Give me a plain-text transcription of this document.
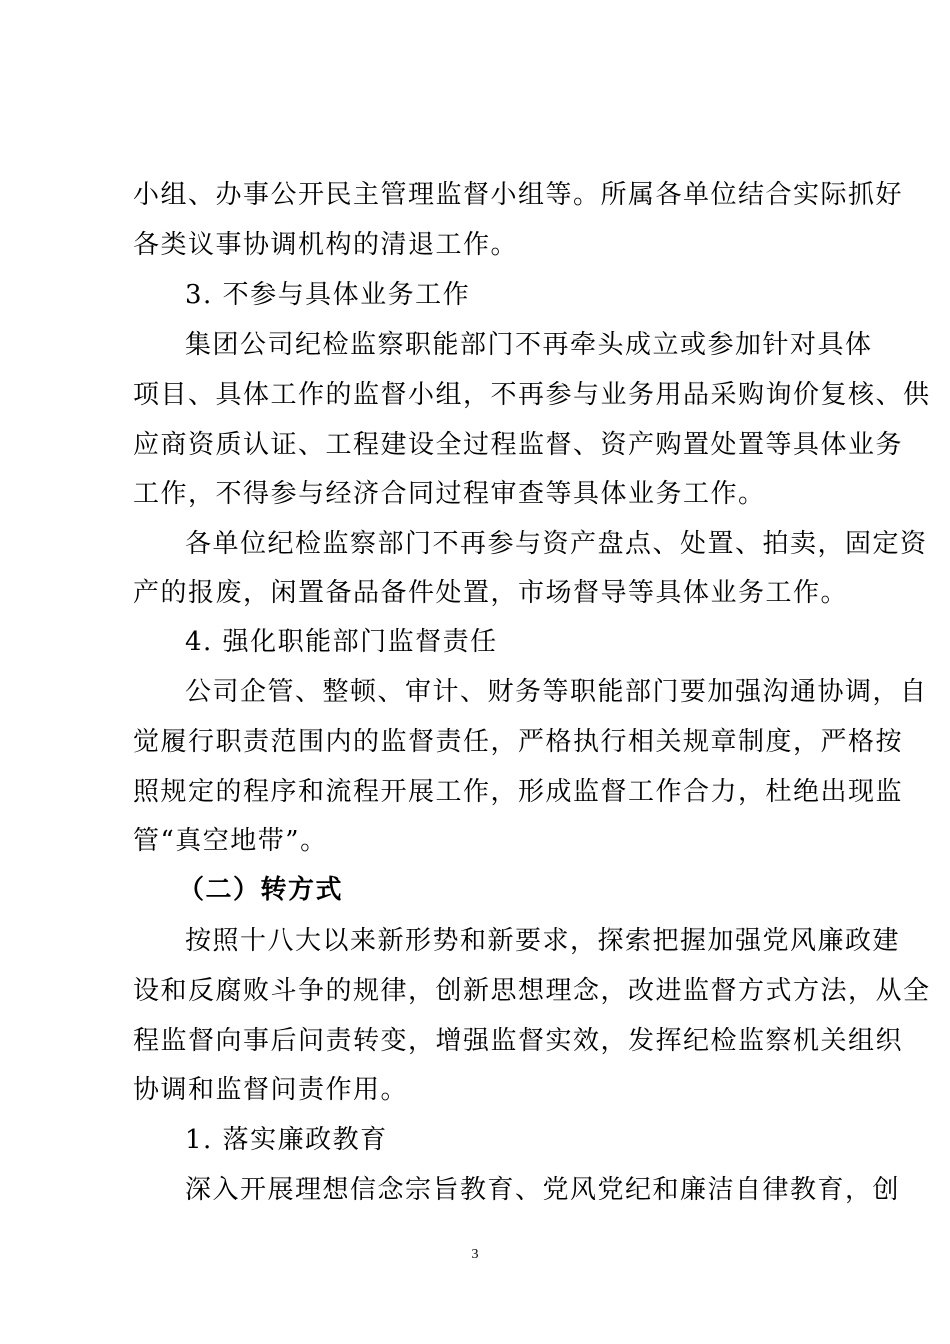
小组、办事公开民主管理监督小组等。所属各单位结合实际抓好
各类议事协调机构的清退工作。
3. 不参与具体业务工作
集团公司纪检监察职能部门不再牵头成立或参加针对具体
项目、具体工作的监督小组，不再参与业务用品采购询价复核、供
应商资质认证、工程建设全过程监督、资产购置处置等具体业务
工作，不得参与经济合同过程审查等具体业务工作。
各单位纪检监察部门不再参与资产盘点、处置、拍卖，固定资
产的报废，闲置备品备件处置，市场督导等具体业务工作。
4. 强化职能部门监督责任
公司企管、整顿、审计、财务等职能部门要加强沟通协调，自
觉履行职责范围内的监督责任，严格执行相关规章制度，严格按
照规定的程序和流程开展工作，形成监督工作合力，杜绝出现监
管“真空地带”。
（二）转方式
按照十八大以来新形势和新要求，探索把握加强党风廉政建
设和反腐败斗争的规律，创新思想理念，改进监督方式方法，从全
程监督向事后问责转变，增强监督实效，发挥纪检监察机关组织
协调和监督问责作用。
1. 落实廉政教育
深入开展理想信念宗旨教育、党风党纪和廉洁自律教育，创
3
